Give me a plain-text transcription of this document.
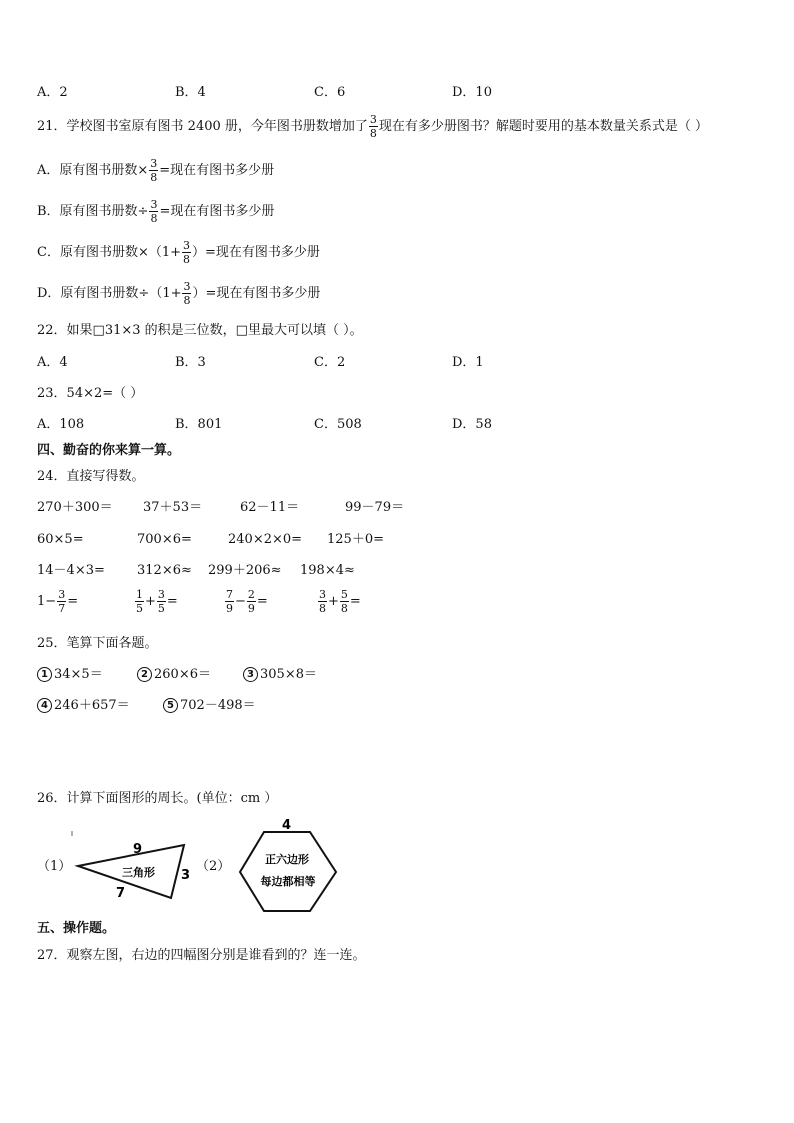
A．2	B．4	C．6	D．10
21．学校图书室原有图书 2400 册，今年图书册数增加了 $\frac{3}{8}$ 现在有多少册图书？解题时要用的基本数量关系式是（ ）
A．原有图书册数× $\frac{3}{8}$ =现在有图书多少册
B．原有图书册数÷ $\frac{3}{8}$ =现在有图书多少册
C．原有图书册数$\times(1+ \frac{3}{8}$ ）=现在有图书多少册
D．原有图书册数$\div(1+ \frac{3}{8}$ ）=现在有图书多少册
22．如果□31×3 的积是三位数，□里最大可以填（ ）。
A．4	B．3	C．2	D．1
23．54×2=（ ）
A．108	B．801	C．508	D．58
四、勤奋的你来算一算。
24．直接写得数。
270＋300＝ 37＋53＝	62－11＝	99－79＝
60×5=	700×6=	240×2×0= 125＋0=
14－4×3= 312×6≈ 299＋206≈ 198×4≈
$1 - \frac{3}{7}$ =	$\frac{1}{5} + \frac{3}{5}$ =	$\frac{7}{9} - \frac{2}{9}$ =	$\frac{3}{8} + \frac{5}{8}$ =
25．笔算下面各题。
1 34×5＝	2 260×6＝	3 305×8＝
4 246＋657＝	5 702－498＝
26．计算下面图形的周长。(单位：cm ）
（1）	（2）
9
3
7
三角形
4
正六边形
每边都相等
五、操作题。
27．观察左图，右边的四幅图分别是谁看到的？连一连。
